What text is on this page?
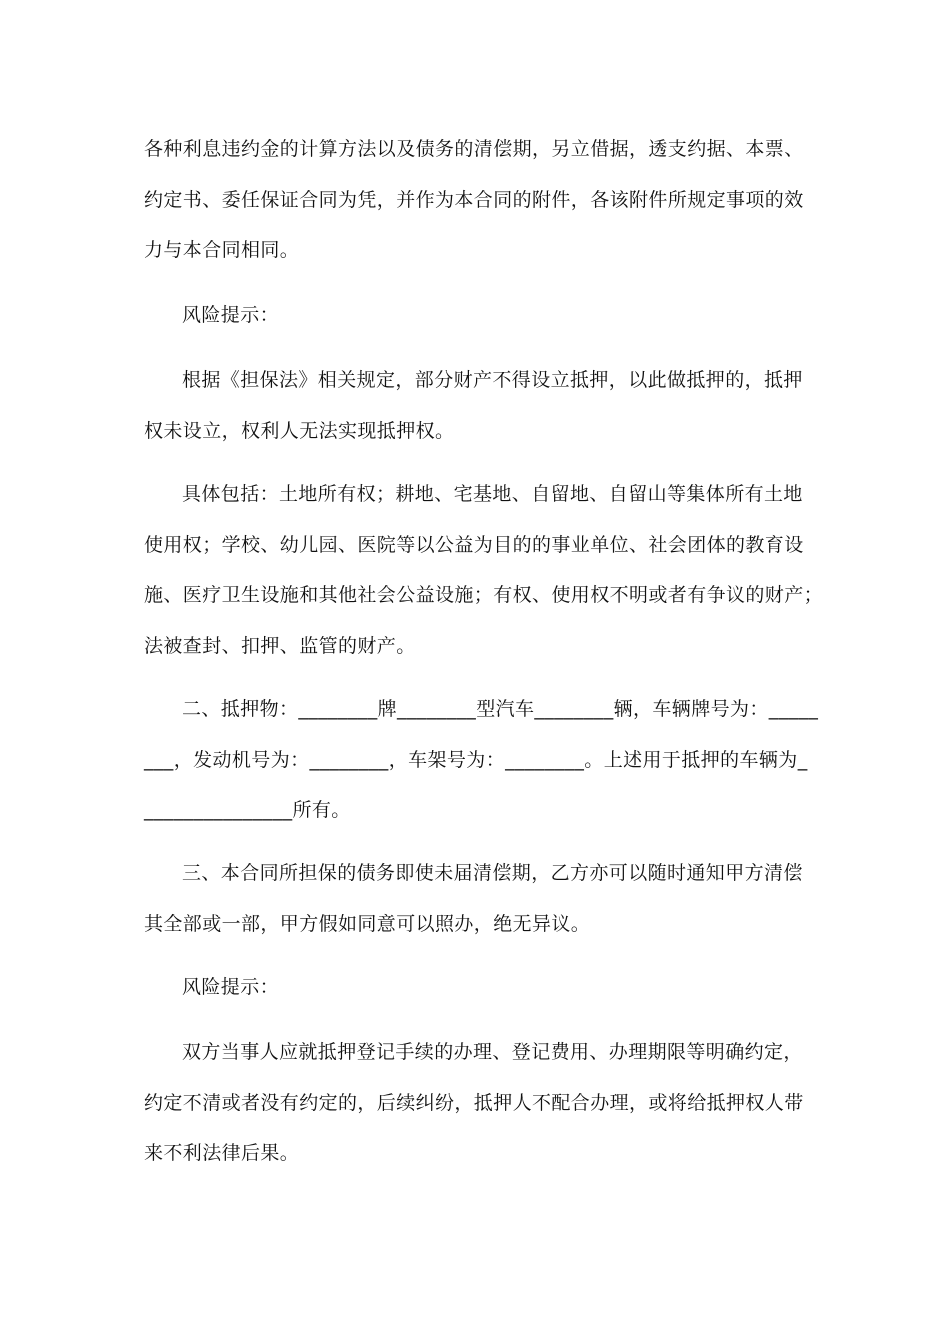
各种利息违约金的计算方法以及债务的清偿期，另立借据，透支约据、本票、
约定书、委任保证合同为凭，并作为本合同的附件，各该附件所规定事项的效
力与本合同相同。
风险提示：
根据《担保法》相关规定，部分财产不得设立抵押，以此做抵押的，抵押
权未设立，权利人无法实现抵押权。
具体包括：土地所有权；耕地、宅基地、自留地、自留山等集体所有土地
使用权；学校、幼儿园、医院等以公益为目的的事业单位、社会团体的教育设
施、医疗卫生设施和其他社会公益设施；有权、使用权不明或者有争议的财产；
法被查封、扣押、监管的财产。
二、抵押物：________牌________型汽车________辆，车辆牌号为：_____
___，发动机号为：________，车架号为：________。上述用于抵押的车辆为_
_______________所有。
三、本合同所担保的债务即使未届清偿期，乙方亦可以随时通知甲方清偿
其全部或一部，甲方假如同意可以照办，绝无异议。
风险提示：
双方当事人应就抵押登记手续的办理、登记费用、办理期限等明确约定，
约定不清或者没有约定的，后续纠纷，抵押人不配合办理，或将给抵押权人带
来不利法律后果。
